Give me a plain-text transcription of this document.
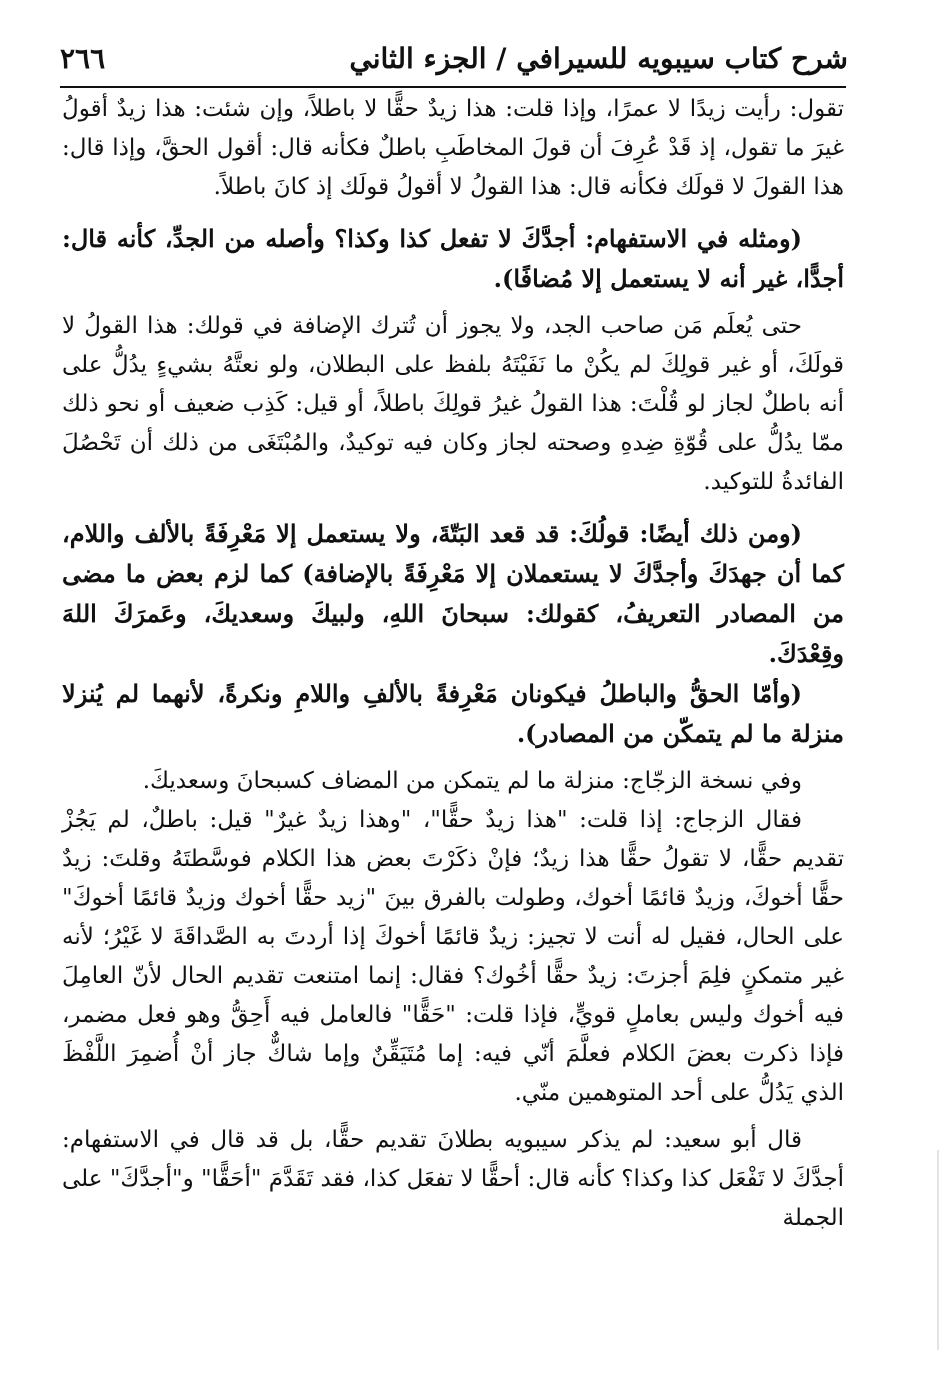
شرح كتاب سيبويه للسيرافي / الجزء الثاني
٢٦٦

تقول: رأيت زيدًا لا عمرًا، وإذا قلت: هذا زيدٌ حقًّا لا باطلاً، وإن شئت: هذا زيدٌ أقولُ غيرَ ما تقول، إذ قَدْ عُرِفَ أن قولَ المخاطَبِ باطلٌ فكأنه قال: أقول الحقَّ، وإذا قال: هذا القولَ لا قولَك فكأنه قال: هذا القولُ لا أقولُ قولَك إذ كانَ باطلاً.

(ومثله في الاستفهام: أجدَّكَ لا تفعل كذا وكذا؟ وأصله من الجدِّ، كأنه قال: أجدًّا، غير أنه لا يستعمل إلا مُضافًا).

حتى يُعلَم مَن صاحب الجد، ولا يجوز أن تُترك الإضافة في قولك: هذا القولُ لا قولَكَ، أو غير قولِكَ لم يكُنْ ما نَفَيْتَهُ بلفظ على البطلان، ولو نعتَّهُ بشيءٍ يدُلُّ على أنه باطلٌ لجاز لو قُلْتَ: هذا القولُ غيرُ قولِكَ باطلاً، أو قيل: كَذِب ضعيف أو نحو ذلك ممّا يدُلُّ على قُوّةِ ضِدهِ وصحته لجاز وكان فيه توكيدٌ، والمُبْتَغَى من ذلك أن تَحْصُلَ الفائدةُ للتوكيد.

(ومن ذلك أيضًا: قولُكَ: قد قعد البَتّةَ، ولا يستعمل إلا مَعْرِفَةً بالألف واللام، كما أن جهدَكَ وأجدَّكَ لا يستعملان إلا مَعْرِفَةً بالإضافة) كما لزم بعض ما مضى من المصادر التعريفُ، كقولك: سبحانَ اللهِ، ولبيكَ وسعديكَ، وعَمرَكَ اللهَ وقِعْدَكَ.

(وأمّا الحقُّ والباطلُ فيكونان مَعْرِفةً بالألفِ واللامِ ونكرةً، لأنهما لم يُنزلا منزلة ما لم يتمكّن من المصادر).

وفي نسخة الزجّاج: منزلة ما لم يتمكن من المضاف كسبحانَ وسعديكَ.

فقال الزجاج: إذا قلت: "هذا زيدٌ حقًّا"، "وهذا زيدٌ غيرٌ" قيل: باطلٌ، لم يَجُزْ تقديم حقًّا، لا تقولُ حقًّا هذا زيدٌ؛ فإنْ ذكَرْتَ بعض هذا الكلام فوسَّطتَهُ وقلتَ: زيدٌ حقًّا أخوكَ، وزيدٌ قائمًا أخوك، وطولت بالفرق بينَ "زيد حقًّا أخوك وزيدٌ قائمًا أخوكَ" على الحال، فقيل له أنت لا تجيز: زيدٌ قائمًا أخوكَ إذا أردتَ به الصَّداقَةَ لا غَيْرُ؛ لأنه غير متمكنٍ فلِمَ أجزتَ: زيدٌ حقًّا أخُوك؟ فقال: إنما امتنعت تقديم الحال لأنّ العامِلَ فيه أخوك وليس بعاملٍ قويٍّ، فإذا قلت: "حَقًّا" فالعامل فيه أَحِقُّ وهو فعل مضمر، فإذا ذكرت بعضَ الكلام فعلَّمَ أنّي فيه: إما مُتَيَقِّنٌ وإما شاكٌّ جاز أنْ أُضمِرَ اللَّفْظَ الذي يَدُلُّ على أحد المتوهمين منّي.

قال أبو سعيد: لم يذكر سيبويه بطلانَ تقديم حقًّا، بل قد قال في الاستفهام: أجدَّكَ لا تَفْعَل كذا وكذا؟ كأنه قال: أحقًّا لا تفعَل كذا، فقد تَقَدَّمَ "أحَقًّا" و"أجدَّكَ" على الجملة
